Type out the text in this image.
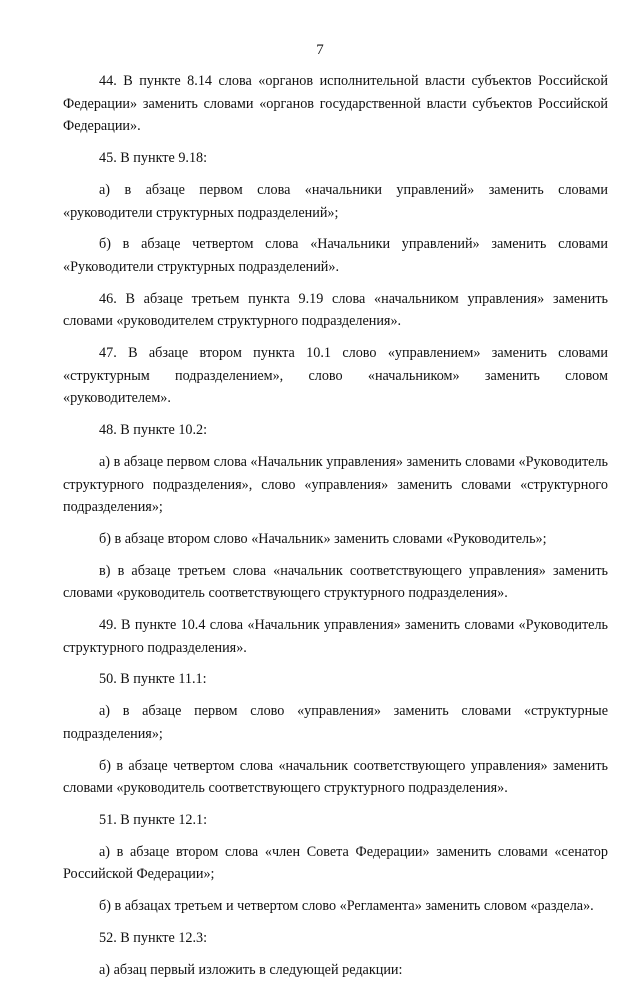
7

44. В пункте 8.14 слова «органов исполнительной власти субъектов Российской Федерации» заменить словами «органов государственной власти субъектов Российской Федерации».

45. В пункте 9.18:

а) в абзаце первом слова «начальники управлений» заменить словами «руководители структурных подразделений»;

б) в абзаце четвертом слова «Начальники управлений» заменить словами «Руководители структурных подразделений».

46. В абзаце третьем пункта 9.19 слова «начальником управления» заменить словами «руководителем структурного подразделения».

47. В абзаце втором пункта 10.1 слово «управлением» заменить словами «структурным подразделением», слово «начальником» заменить словом «руководителем».

48. В пункте 10.2:

а) в абзаце первом слова «Начальник управления» заменить словами «Руководитель структурного подразделения», слово «управления» заменить словами «структурного подразделения»;

б) в абзаце втором слово «Начальник» заменить словами «Руководитель»;

в) в абзаце третьем слова «начальник соответствующего управления» заменить словами «руководитель соответствующего структурного подразделения».

49. В пункте 10.4 слова «Начальник управления» заменить словами «Руководитель структурного подразделения».

50. В пункте 11.1:

а) в абзаце первом слово «управления» заменить словами «структурные подразделения»;

б) в абзаце четвертом слова «начальник соответствующего управления» заменить словами «руководитель соответствующего структурного подразделения».

51. В пункте 12.1:

а) в абзаце втором слова «член Совета Федерации» заменить словами «сенатор Российской Федерации»;

б) в абзацах третьем и четвертом слово «Регламента» заменить словом «раздела».

52. В пункте 12.3:

а) абзац первый изложить в следующей редакции:
